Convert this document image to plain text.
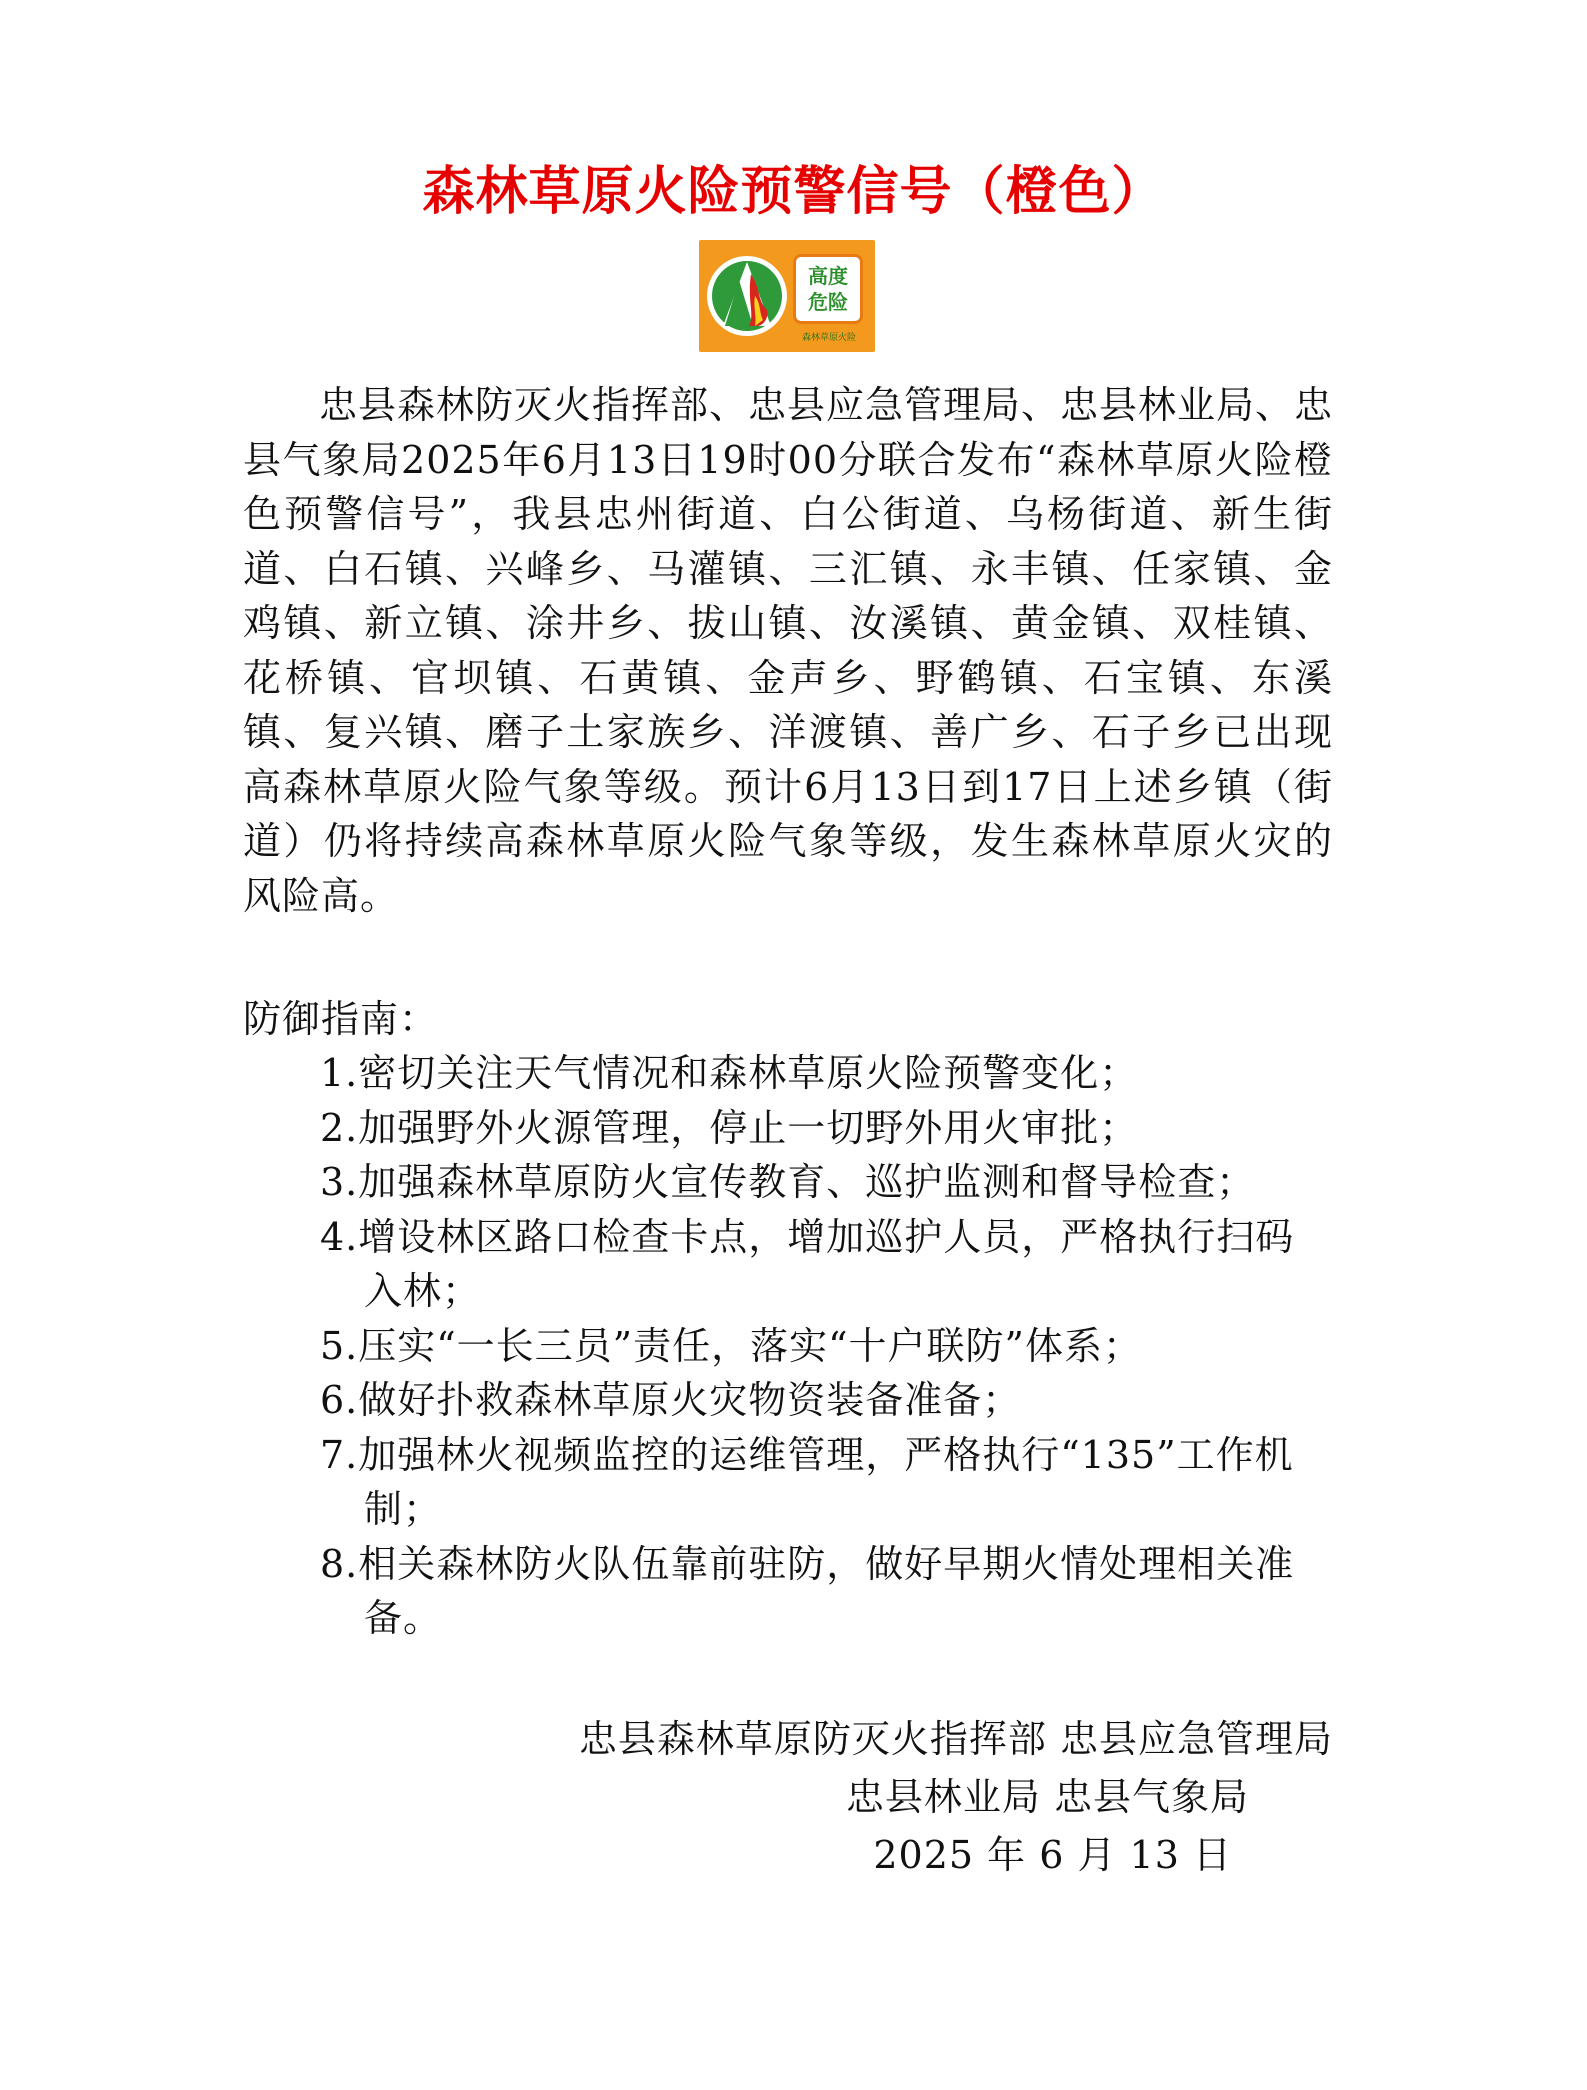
森林草原火险预警信号（橙色）
高度
危险
森林草原火险

忠县森林防灭火指挥部、忠县应急管理局、忠县林业局、忠县气象局2025年6月13日19时00分联合发布“森林草原火险橙色预警信号”，我县忠州街道、白公街道、乌杨街道、新生街道、白石镇、兴峰乡、马灌镇、三汇镇、永丰镇、任家镇、金鸡镇、新立镇、涂井乡、拔山镇、汝溪镇、黄金镇、双桂镇、花桥镇、官坝镇、石黄镇、金声乡、野鹤镇、石宝镇、东溪镇、复兴镇、磨子土家族乡、洋渡镇、善广乡、石子乡已出现高森林草原火险气象等级。预计6月13日到17日上述乡镇（街道）仍将持续高森林草原火险气象等级，发生森林草原火灾的风险高。

防御指南：
1.密切关注天气情况和森林草原火险预警变化；
2.加强野外火源管理，停止一切野外用火审批；
3.加强森林草原防火宣传教育、巡护监测和督导检查；
4.增设林区路口检查卡点，增加巡护人员，严格执行扫码入林；
5.压实“一长三员”责任，落实“十户联防”体系；
6.做好扑救森林草原火灾物资装备准备；
7.加强林火视频监控的运维管理，严格执行“135”工作机制；
8.相关森林防火队伍靠前驻防，做好早期火情处理相关准备。
忠县森林草原防灭火指挥部 忠县应急管理局
忠县林业局 忠县气象局
2025 年 6 月 13 日
